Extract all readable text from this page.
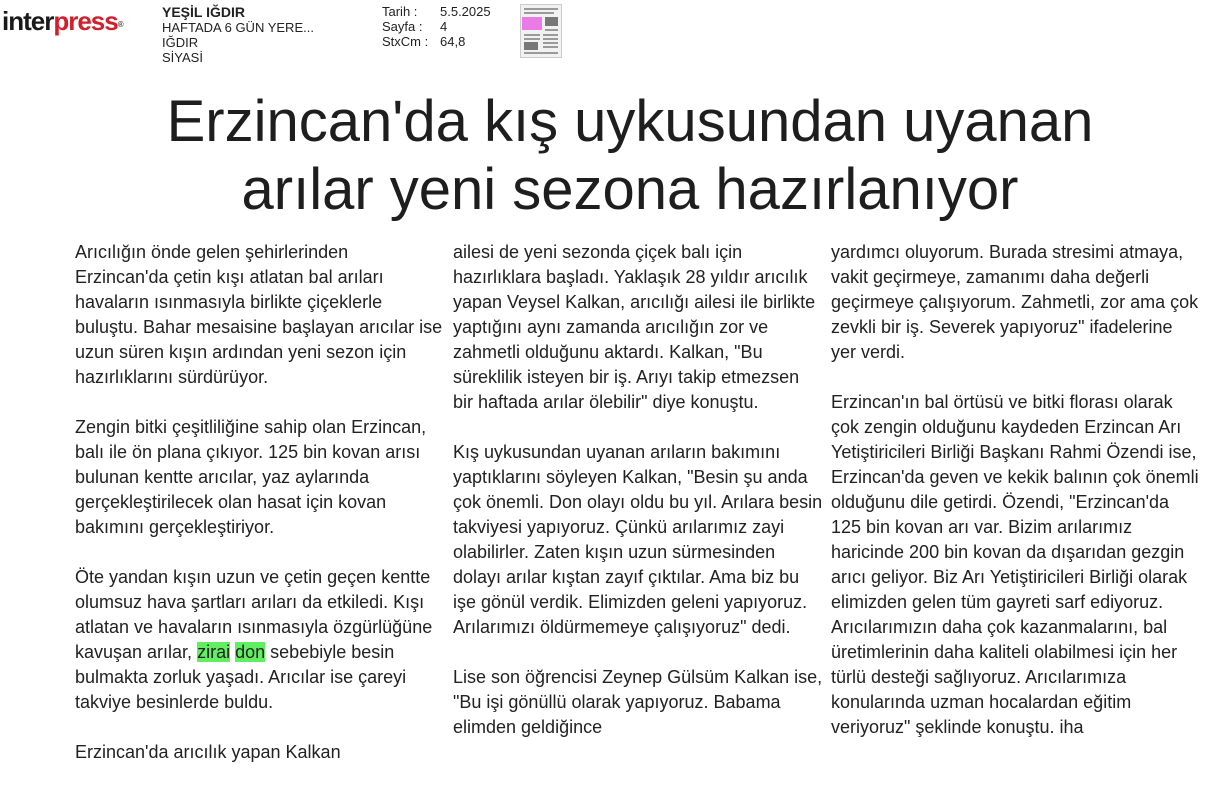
interpress®
YEŞİL IĞDIR
HAFTADA 6 GÜN YERE...
IĞDIR
SİYASİ
Tarih :	5.5.2025
Sayfa :	4
StxCm : 64,8
Erzincan'da kış uykusundan uyanan
arılar yeni sezona hazırlanıyor

Arıcılığın önde gelen şehirlerinden Erzincan'da çetin kışı atlatan bal arıları havaların ısınmasıyla birlikte çiçeklerle buluştu. Bahar mesaisine başlayan arıcılar ise uzun süren kışın ardından yeni sezon için hazırlıklarını sürdürüyor.

Zengin bitki çeşitliliğine sahip olan Erzincan, balı ile ön plana çıkıyor. 125 bin kovan arısı bulunan kentte arıcılar, yaz aylarında gerçekleştirilecek olan hasat için kovan bakımını gerçekleştiriyor.

Öte yandan kışın uzun ve çetin geçen kentte olumsuz hava şartları arıları da etkiledi. Kışı atlatan ve havaların ısınmasıyla özgürlüğüne kavuşan arılar, zirai don sebebiyle besin bulmakta zorluk yaşadı. Arıcılar ise çareyi takviye besinlerde buldu.

Erzincan'da arıcılık yapan Kalkan

ailesi de yeni sezonda çiçek balı için hazırlıklara başladı. Yaklaşık 28 yıldır arıcılık yapan Veysel Kalkan, arıcılığı ailesi ile birlikte yaptığını aynı zamanda arıcılığın zor ve zahmetli olduğunu aktardı. Kalkan, "Bu süreklilik isteyen bir iş. Arıyı takip etmezsen bir haftada arılar ölebilir" diye konuştu.

Kış uykusundan uyanan arıların bakımını yaptıklarını söyleyen Kalkan, "Besin şu anda çok önemli. Don olayı oldu bu yıl. Arılara besin takviyesi yapıyoruz. Çünkü arılarımız zayi olabilirler. Zaten kışın uzun sürmesinden dolayı arılar kıştan zayıf çıktılar. Ama biz bu işe gönül verdik. Elimizden geleni yapıyoruz. Arılarımızı öldürmemeye çalışıyoruz" dedi.

Lise son öğrencisi Zeynep Gülsüm Kalkan ise, "Bu işi gönüllü olarak yapıyoruz. Babama elimden geldiğince

yardımcı oluyorum. Burada stresimi atmaya, vakit geçirmeye, zamanımı daha değerli geçirmeye çalışıyorum. Zahmetli, zor ama çok zevkli bir iş. Severek yapıyoruz" ifadelerine yer verdi.

Erzincan'ın bal örtüsü ve bitki florası olarak çok zengin olduğunu kaydeden Erzincan Arı Yetiştiricileri Birliği Başkanı Rahmi Özendi ise, Erzincan'da geven ve kekik balının çok önemli olduğunu dile getirdi. Özendi, "Erzincan'da 125 bin kovan arı var. Bizim arılarımız haricinde 200 bin kovan da dışarıdan gezgin arıcı geliyor. Biz Arı Yetiştiricileri Birliği olarak elimizden gelen tüm gayreti sarf ediyoruz. Arıcılarımızın daha çok kazanmalarını, bal üretimlerinin daha kaliteli olabilmesi için her türlü desteği sağlıyoruz. Arıcılarımıza konularında uzman hocalardan eğitim veriyoruz" şeklinde konuştu. iha
